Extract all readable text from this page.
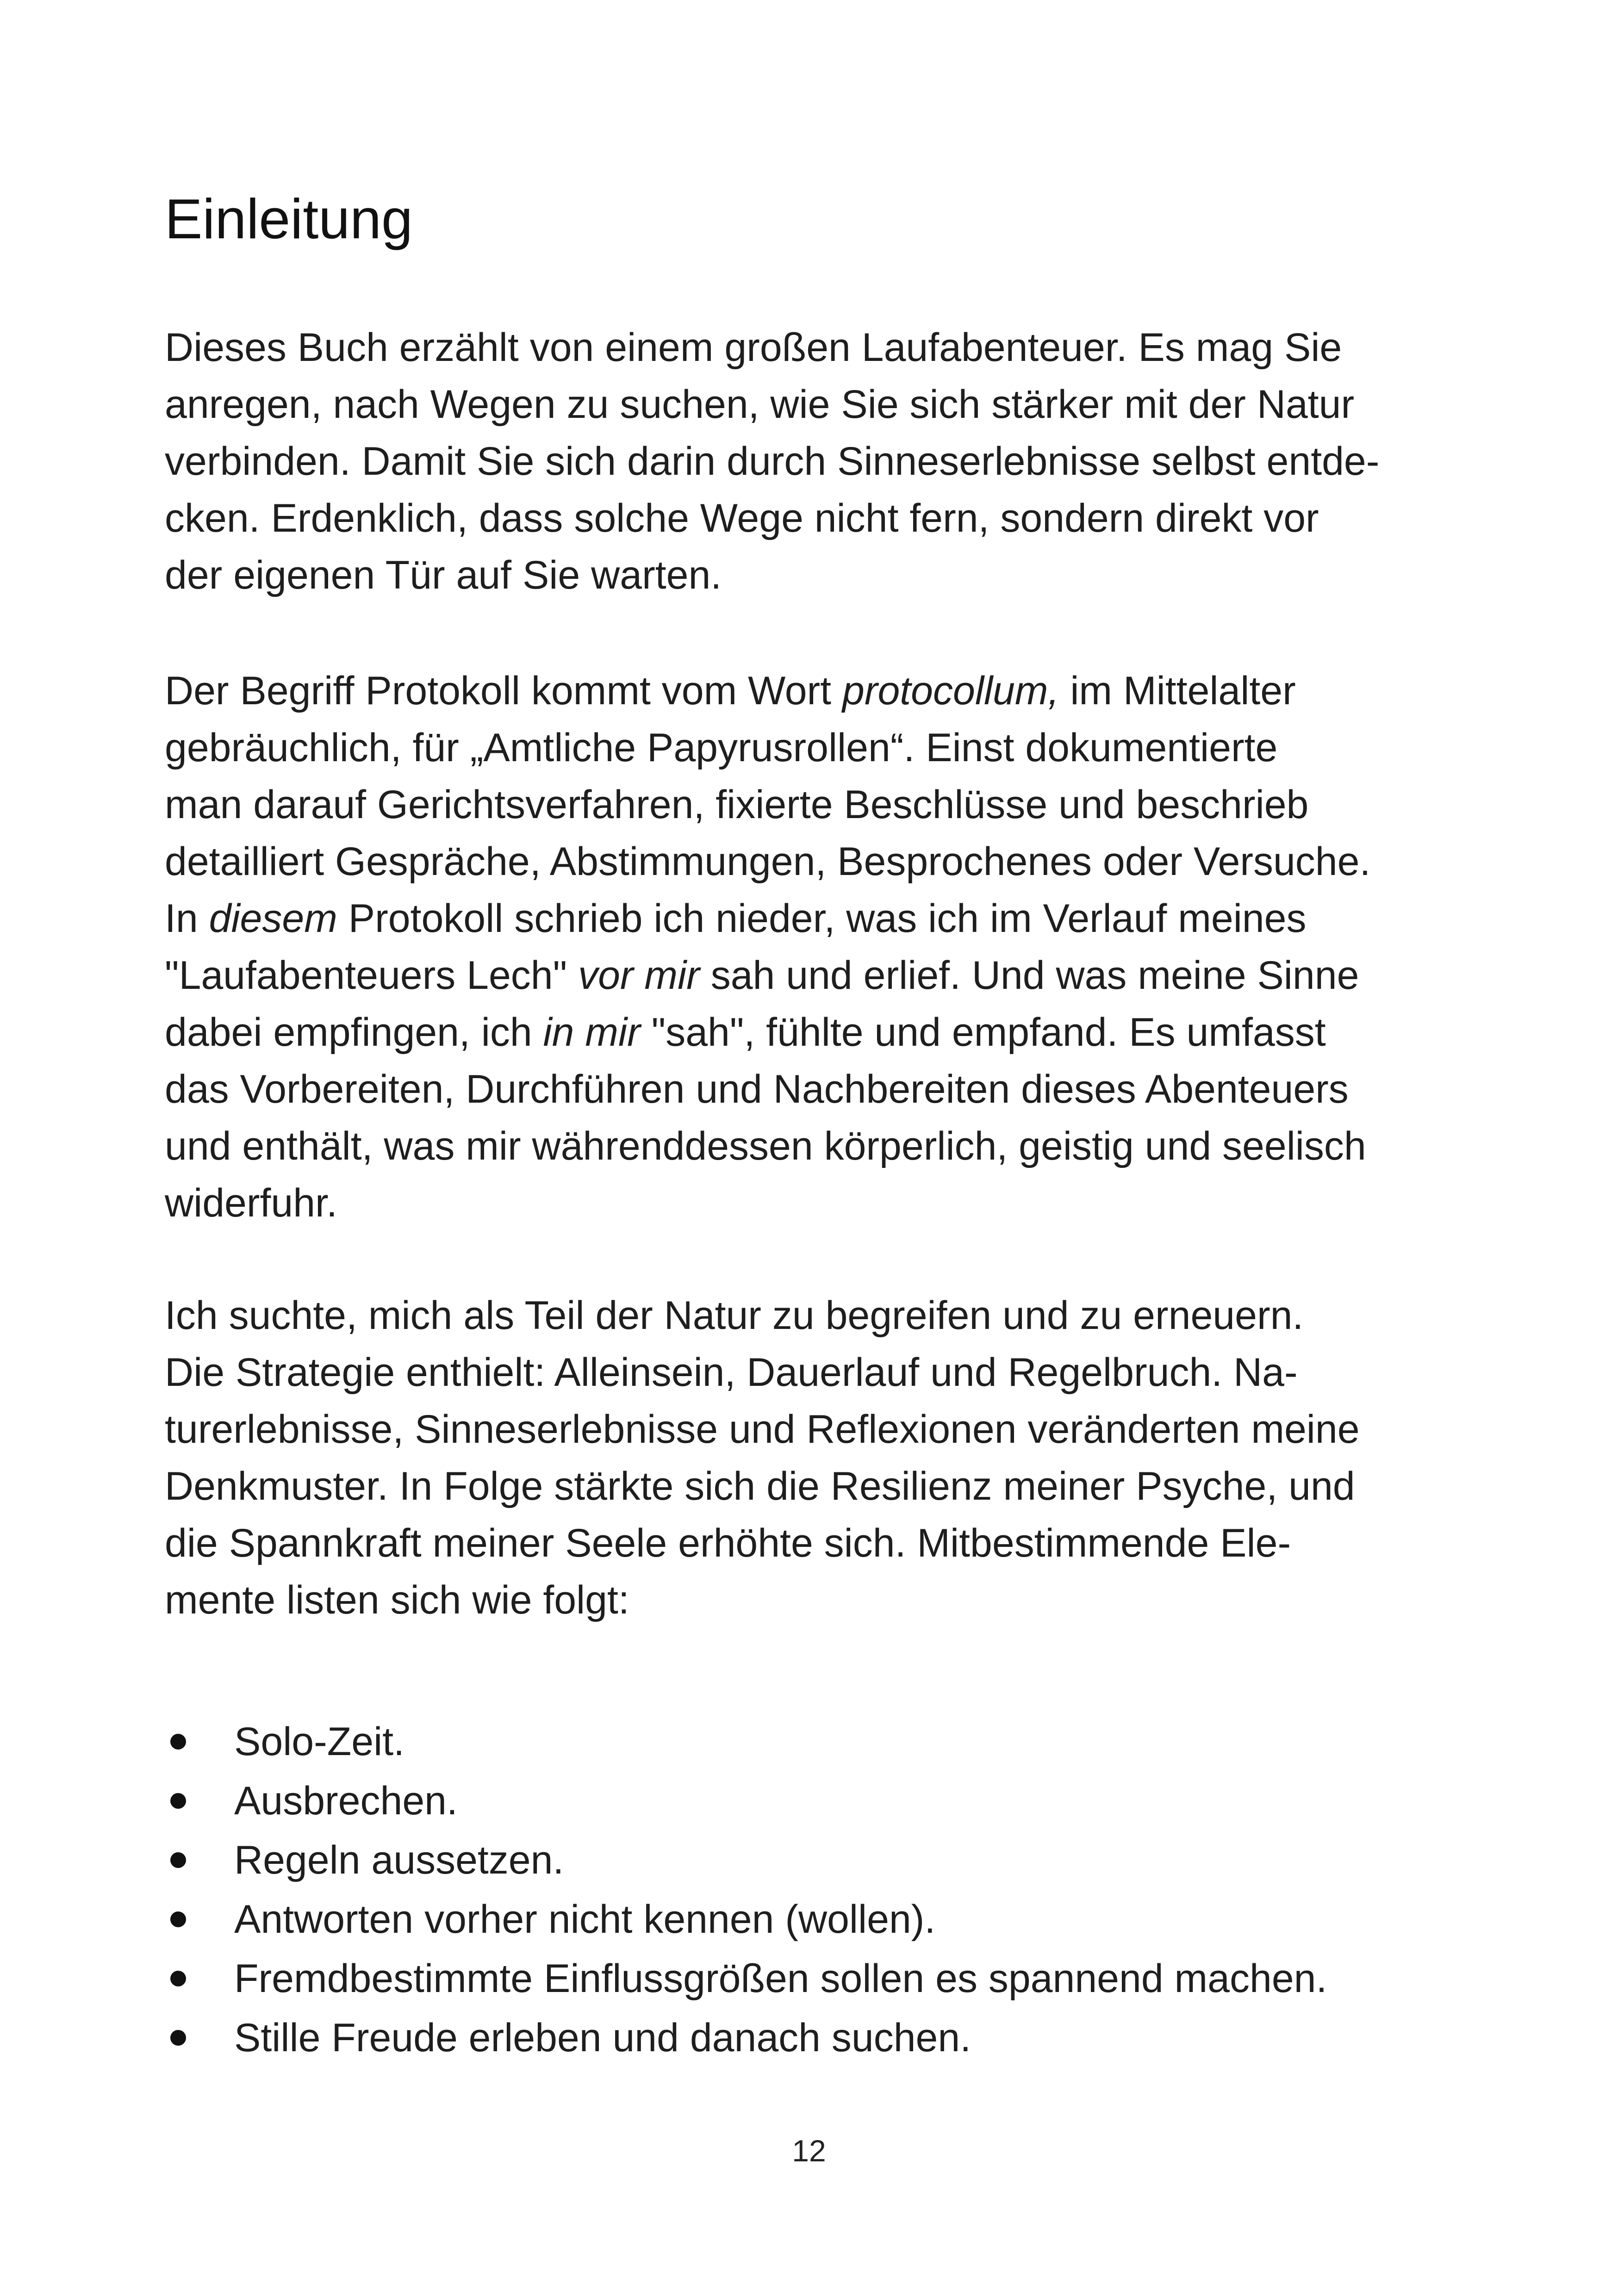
Einleitung

Dieses Buch erzählt von einem großen Laufabenteuer. Es mag Sie
anregen, nach Wegen zu suchen, wie Sie sich stärker mit der Natur
verbinden. Damit Sie sich darin durch Sinneserlebnisse selbst entde-
cken. Erdenklich, dass solche Wege nicht fern, sondern direkt vor
der eigenen Tür auf Sie warten.

Der Begriff Protokoll kommt vom Wort protocollum, im Mittelalter
gebräuchlich, für „Amtliche Papyrusrollen“. Einst dokumentierte
man darauf Gerichtsverfahren, fixierte Beschlüsse und beschrieb
detailliert Gespräche, Abstimmungen, Besprochenes oder Versuche.
In diesem Protokoll schrieb ich nieder, was ich im Verlauf meines
"Laufabenteuers Lech" vor mir sah und erlief. Und was meine Sinne
dabei empfingen, ich in mir "sah", fühlte und empfand. Es umfasst
das Vorbereiten, Durchführen und Nachbereiten dieses Abenteuers
und enthält, was mir währenddessen körperlich, geistig und seelisch
widerfuhr.

Ich suchte, mich als Teil der Natur zu begreifen und zu erneuern.
Die Strategie enthielt: Alleinsein, Dauerlauf und Regelbruch. Na-
turerlebnisse, Sinneserlebnisse und Reflexionen veränderten meine
Denkmuster. In Folge stärkte sich die Resilienz meiner Psyche, und
die Spannkraft meiner Seele erhöhte sich. Mitbestimmende Ele-
mente listen sich wie folgt:

Solo-Zeit.
Ausbrechen.
Regeln aussetzen.
Antworten vorher nicht kennen (wollen).
Fremdbestimmte Einflussgrößen sollen es spannend machen.
Stille Freude erleben und danach suchen.
12
